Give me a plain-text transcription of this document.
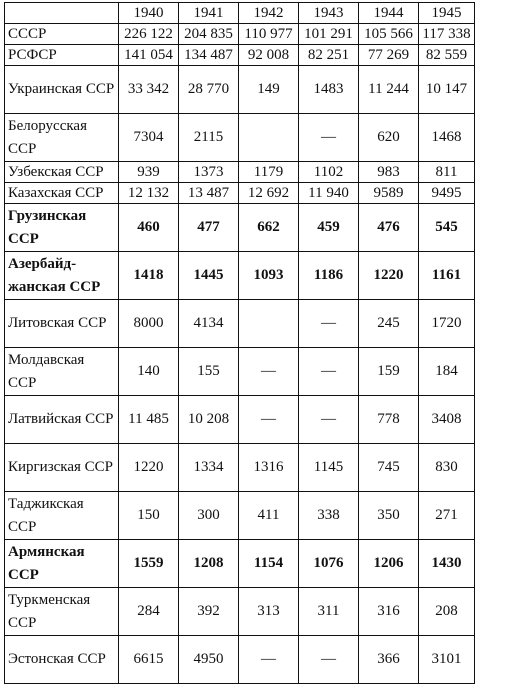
	1940	1941	1942	1943	1944	1945
СССР	226 122	204 835	110 977	101 291	105 566	117 338
РСФСР	141 054	134 487	92 008	82 251	77 269	82 559
Украинская ССР	33 342	28 770	149	1483	11 244	10 147
Белорусская ССР	7304	2115		—	620	1468
Узбекская ССР	939	1373	1179	1102	983	811
Казахская ССР	12 132	13 487	12 692	11 940	9589	9495
Грузинская ССР	460	477	662	459	476	545
Азербайд-жанская ССР	1418	1445	1093	1186	1220	1161
Литовская ССР	8000	4134		—	245	1720
Молдавская ССР	140	155	—	—	159	184
Латвийская ССР	11 485	10 208	—	—	778	3408
Киргизская ССР	1220	1334	1316	1145	745	830
Таджикская ССР	150	300	411	338	350	271
Армянская ССР	1559	1208	1154	1076	1206	1430
Туркменская ССР	284	392	313	311	316	208
Эстонская ССР	6615	4950	—	—	366	3101
